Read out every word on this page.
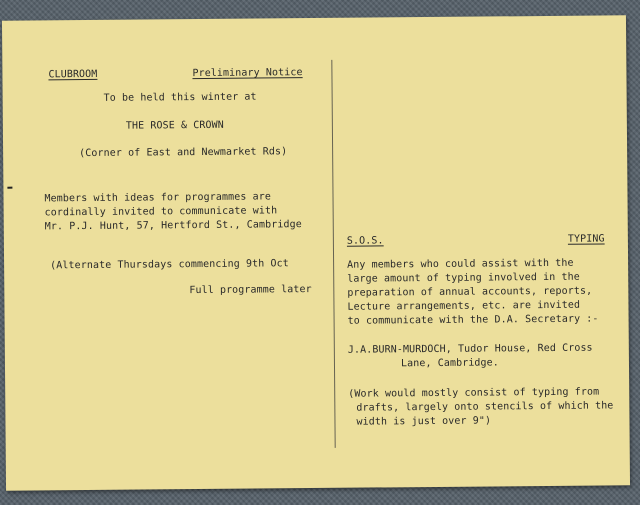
CLUBROOM	Preliminary Notice
To be held this winter at
THE ROSE & CROWN
(Corner of East and Newmarket Rds)
Members with ideas for programmes are
cordinally invited to communicate with
Mr. P.J. Hunt, 57, Hertford St., Cambridge
(Alternate Thursdays commencing 9th Oct
Full programme later
S.O.S.	TYPING
Any members who could assist with the
large amount of typing involved in the
preparation of annual accounts, reports,
Lecture arrangements, etc. are invited
to communicate with the D.A. Secretary :-
J.A.BURN-MURDOCH, Tudor House, Red Cross
Lane, Cambridge.
(Work would mostly consist of typing from
drafts, largely onto stencils of which the
width is just over 9")
